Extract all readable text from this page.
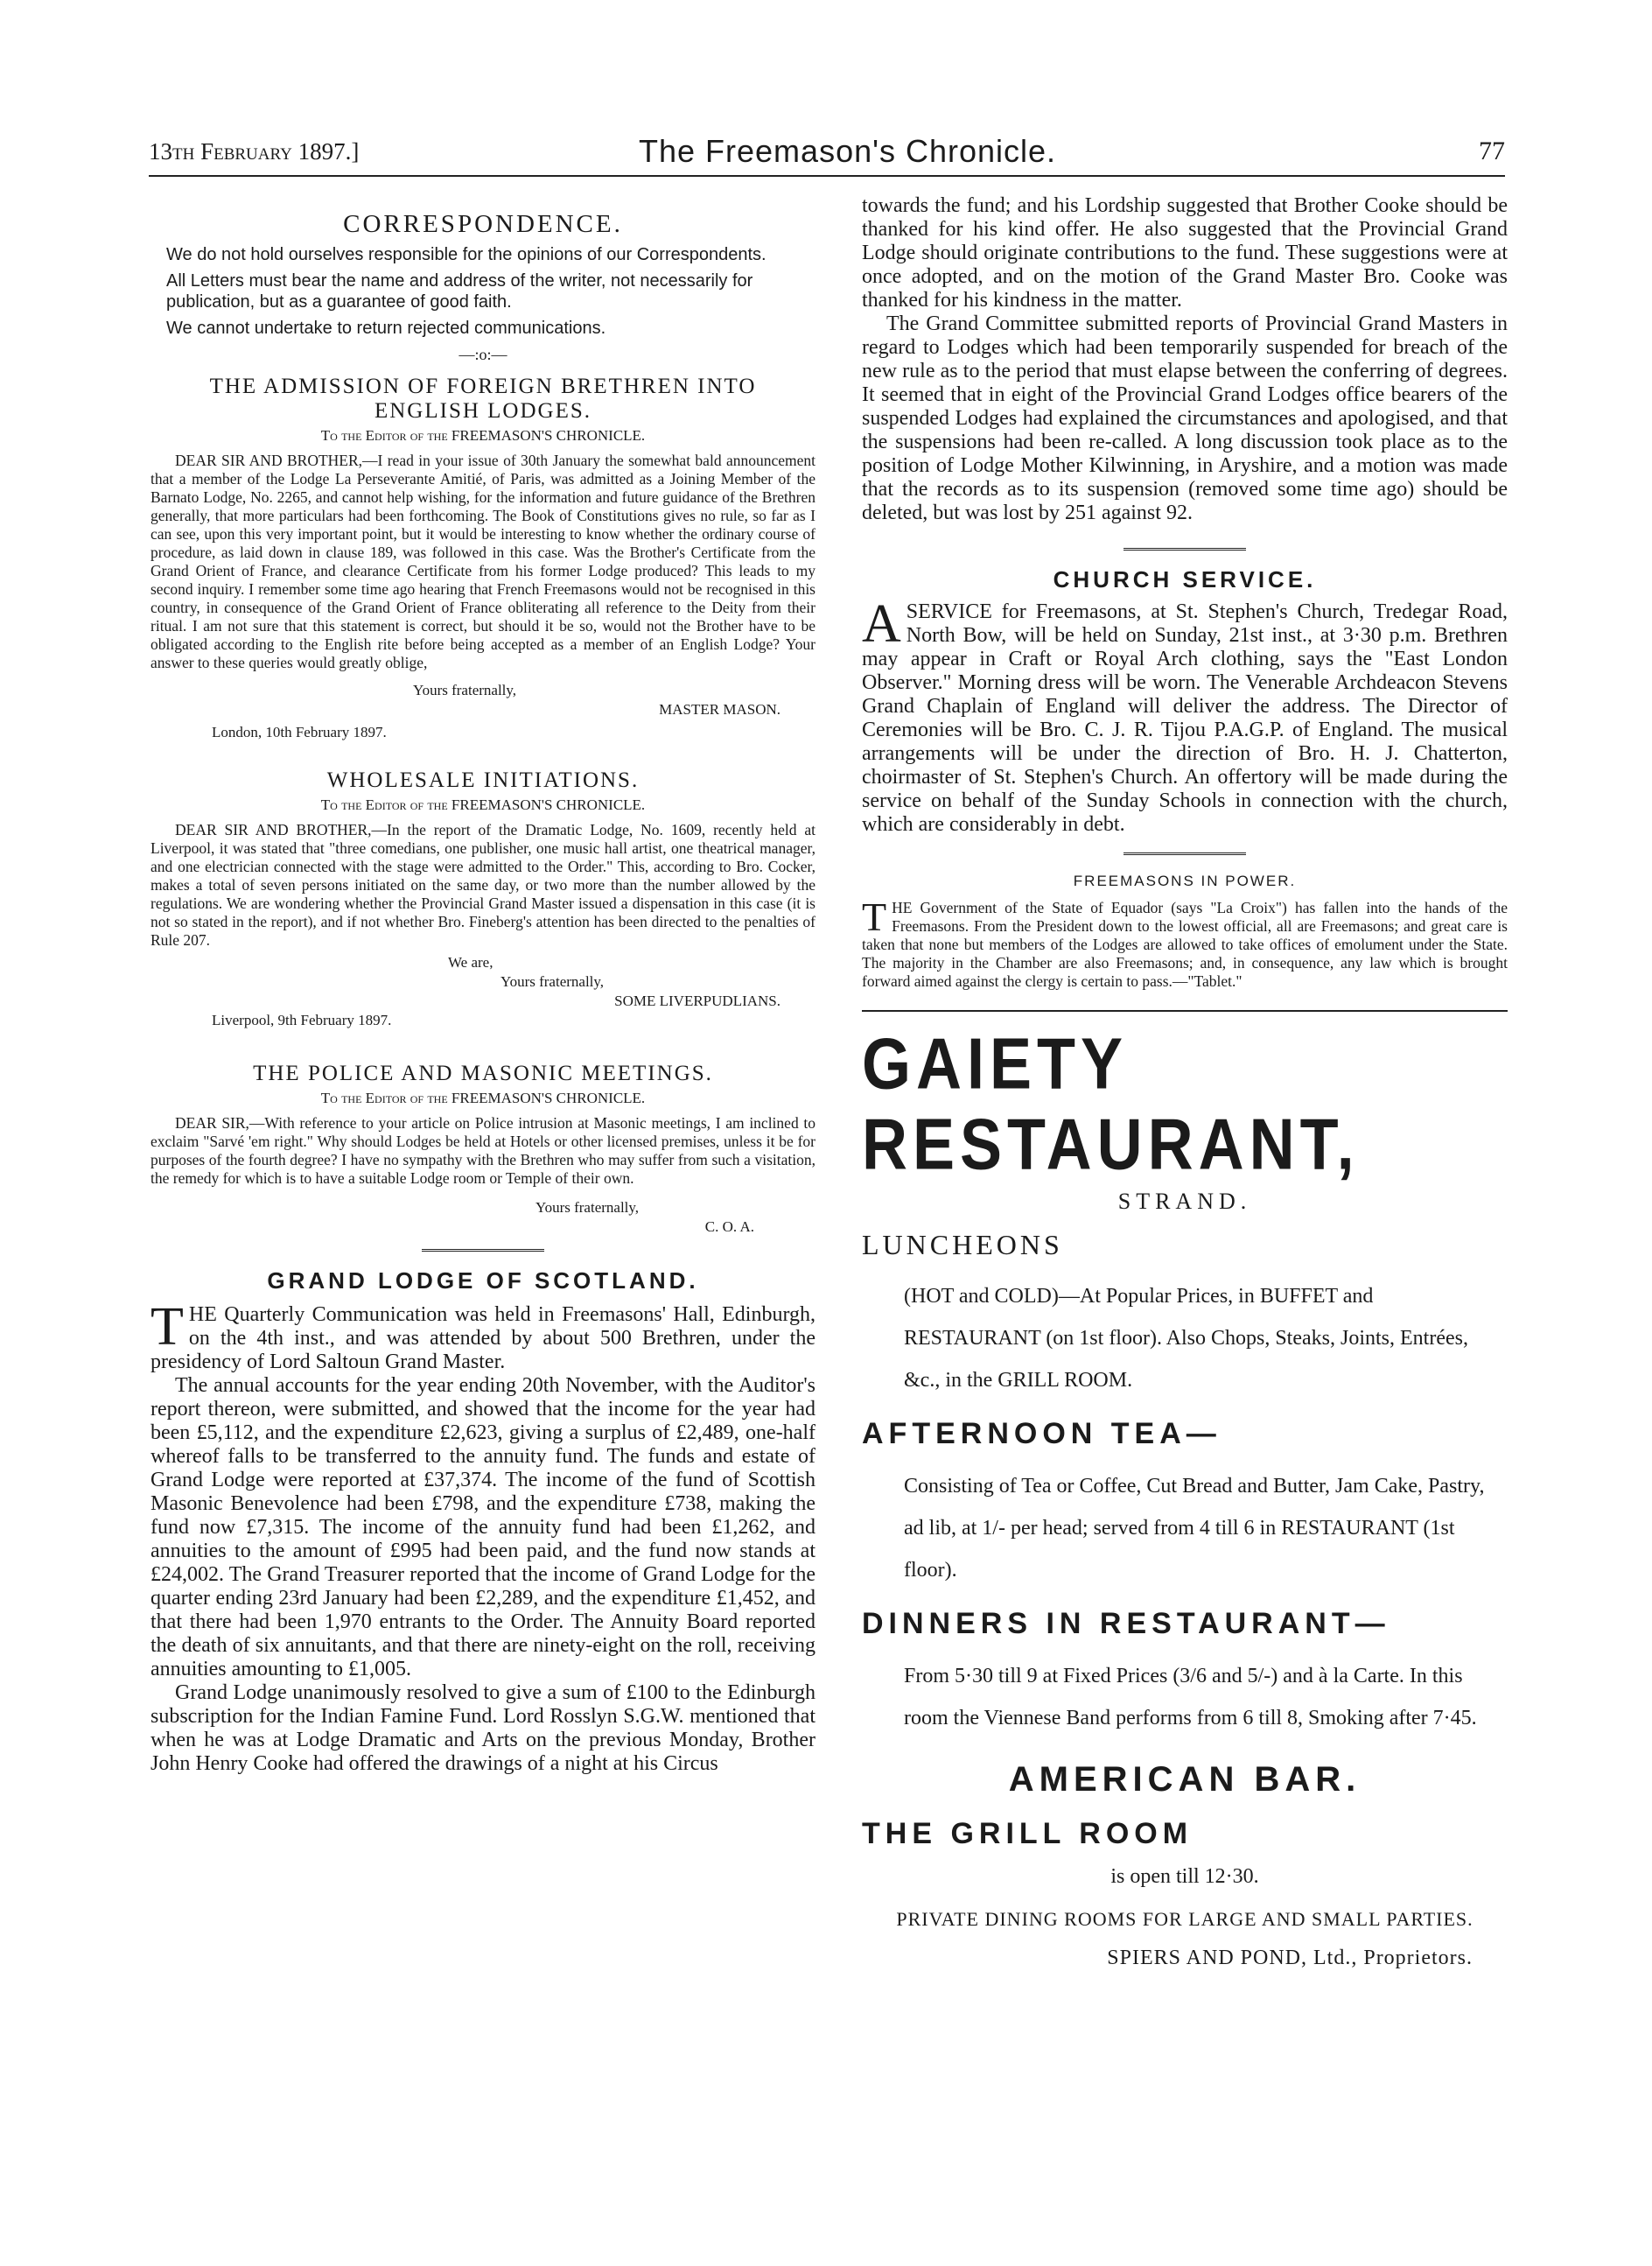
13th February 1897.]	The Freemason's Chronicle.	77

CORRESPONDENCE.

We do not hold ourselves responsible for the opinions of our Correspondents.

All Letters must bear the name and address of the writer, not necessarily for publication, but as a guarantee of good faith.

We cannot undertake to return rejected communications.

—:o:—

THE ADMISSION OF FOREIGN BRETHREN INTO

ENGLISH LODGES.

To the Editor of the FREEMASON'S CHRONICLE.

DEAR SIR AND BROTHER,—I read in your issue of 30th January the somewhat bald announcement that a member of the Lodge La Perseverante Amitié, of Paris, was admitted as a Joining Member of the Barnato Lodge, No. 2265, and cannot help wishing, for the information and future guidance of the Brethren generally, that more particulars had been forthcoming. The Book of Constitutions gives no rule, so far as I can see, upon this very important point, but it would be interesting to know whether the ordinary course of procedure, as laid down in clause 189, was followed in this case. Was the Brother's Certificate from the Grand Orient of France, and clearance Certificate from his former Lodge produced? This leads to my second inquiry. I remember some time ago hearing that French Freemasons would not be recognised in this country, in consequence of the Grand Orient of France obliterating all reference to the Deity from their ritual. I am not sure that this statement is correct, but should it be so, would not the Brother have to be obligated according to the English rite before being accepted as a member of an English Lodge? Your answer to these queries would greatly oblige,

Yours fraternally,

MASTER MASON.

London, 10th February 1897.

WHOLESALE INITIATIONS.

To the Editor of the FREEMASON'S CHRONICLE.

DEAR SIR AND BROTHER,—In the report of the Dramatic Lodge, No. 1609, recently held at Liverpool, it was stated that "three comedians, one publisher, one music hall artist, one theatrical manager, and one electrician connected with the stage were admitted to the Order." This, according to Bro. Cocker, makes a total of seven persons initiated on the same day, or two more than the number allowed by the regulations. We are wondering whether the Provincial Grand Master issued a dispensation in this case (it is not so stated in the report), and if not whether Bro. Fineberg's attention has been directed to the penalties of Rule 207.

We are,

Yours fraternally,

SOME LIVERPUDLIANS.

Liverpool, 9th February 1897.

THE POLICE AND MASONIC MEETINGS.

To the Editor of the FREEMASON'S CHRONICLE.

DEAR SIR,—With reference to your article on Police intrusion at Masonic meetings, I am inclined to exclaim "Sarvé 'em right." Why should Lodges be held at Hotels or other licensed premises, unless it be for purposes of the fourth degree? I have no sympathy with the Brethren who may suffer from such a visitation, the remedy for which is to have a suitable Lodge room or Temple of their own.

Yours fraternally,

C. O. A.

GRAND LODGE OF SCOTLAND.

THE Quarterly Communication was held in Freemasons' Hall, Edinburgh, on the 4th inst., and was attended by about 500 Brethren, under the presidency of Lord Saltoun Grand Master.

The annual accounts for the year ending 20th November, with the Auditor's report thereon, were submitted, and showed that the income for the year had been £5,112, and the expenditure £2,623, giving a surplus of £2,489, one-half whereof falls to be transferred to the annuity fund. The funds and estate of Grand Lodge were reported at £37,374. The income of the fund of Scottish Masonic Benevolence had been £798, and the expenditure £738, making the fund now £7,315. The income of the annuity fund had been £1,262, and annuities to the amount of £995 had been paid, and the fund now stands at £24,002. The Grand Treasurer reported that the income of Grand Lodge for the quarter ending 23rd January had been £2,289, and the expenditure £1,452, and that there had been 1,970 entrants to the Order. The Annuity Board reported the death of six annuitants, and that there are ninety-eight on the roll, receiving annuities amounting to £1,005.

Grand Lodge unanimously resolved to give a sum of £100 to the Edinburgh subscription for the Indian Famine Fund. Lord Rosslyn S.G.W. mentioned that when he was at Lodge Dramatic and Arts on the previous Monday, Brother John Henry Cooke had offered the drawings of a night at his Circus

towards the fund; and his Lordship suggested that Brother Cooke should be thanked for his kind offer. He also suggested that the Provincial Grand Lodge should originate contributions to the fund. These suggestions were at once adopted, and on the motion of the Grand Master Bro. Cooke was thanked for his kindness in the matter.

The Grand Committee submitted reports of Provincial Grand Masters in regard to Lodges which had been temporarily suspended for breach of the new rule as to the period that must elapse between the conferring of degrees. It seemed that in eight of the Provincial Grand Lodges office bearers of the suspended Lodges had explained the circumstances and apologised, and that the suspensions had been re-called. A long discussion took place as to the position of Lodge Mother Kilwinning, in Aryshire, and a motion was made that the records as to its suspension (removed some time ago) should be deleted, but was lost by 251 against 92.

CHURCH SERVICE.

ASERVICE for Freemasons, at St. Stephen's Church, Tredegar Road, North Bow, will be held on Sunday, 21st inst., at 3·30 p.m. Brethren may appear in Craft or Royal Arch clothing, says the "East London Observer." Morning dress will be worn. The Venerable Archdeacon Stevens Grand Chaplain of England will deliver the address. The Director of Ceremonies will be Bro. C. J. R. Tijou P.A.G.P. of England. The musical arrangements will be under the direction of Bro. H. J. Chatterton, choirmaster of St. Stephen's Church. An offertory will be made during the service on behalf of the Sunday Schools in connection with the church, which are considerably in debt.

FREEMASONS IN POWER.

THE Government of the State of Equador (says "La Croix") has fallen into the hands of the Freemasons. From the President down to the lowest official, all are Freemasons; and great care is taken that none but members of the Lodges are allowed to take offices of emolument under the State. The majority in the Chamber are also Freemasons; and, in consequence, any law which is brought forward aimed against the clergy is certain to pass.—"Tablet."

GAIETY RESTAURANT,

STRAND.

LUNCHEONS

(HOT and COLD)—At Popular Prices, in BUFFET and RESTAURANT (on 1st floor). Also Chops, Steaks, Joints, Entrées, &c., in the GRILL ROOM.

AFTERNOON TEA—

Consisting of Tea or Coffee, Cut Bread and Butter, Jam Cake, Pastry, ad lib, at 1/- per head; served from 4 till 6 in RESTAURANT (1st floor).

DINNERS IN RESTAURANT—

From 5·30 till 9 at Fixed Prices (3/6 and 5/-) and à la Carte. In this room the Viennese Band performs from 6 till 8, Smoking after 7·45.

AMERICAN BAR.

THE GRILL ROOM

is open till 12·30.

PRIVATE DINING ROOMS FOR LARGE AND SMALL PARTIES.

SPIERS AND POND, Ltd., Proprietors.
